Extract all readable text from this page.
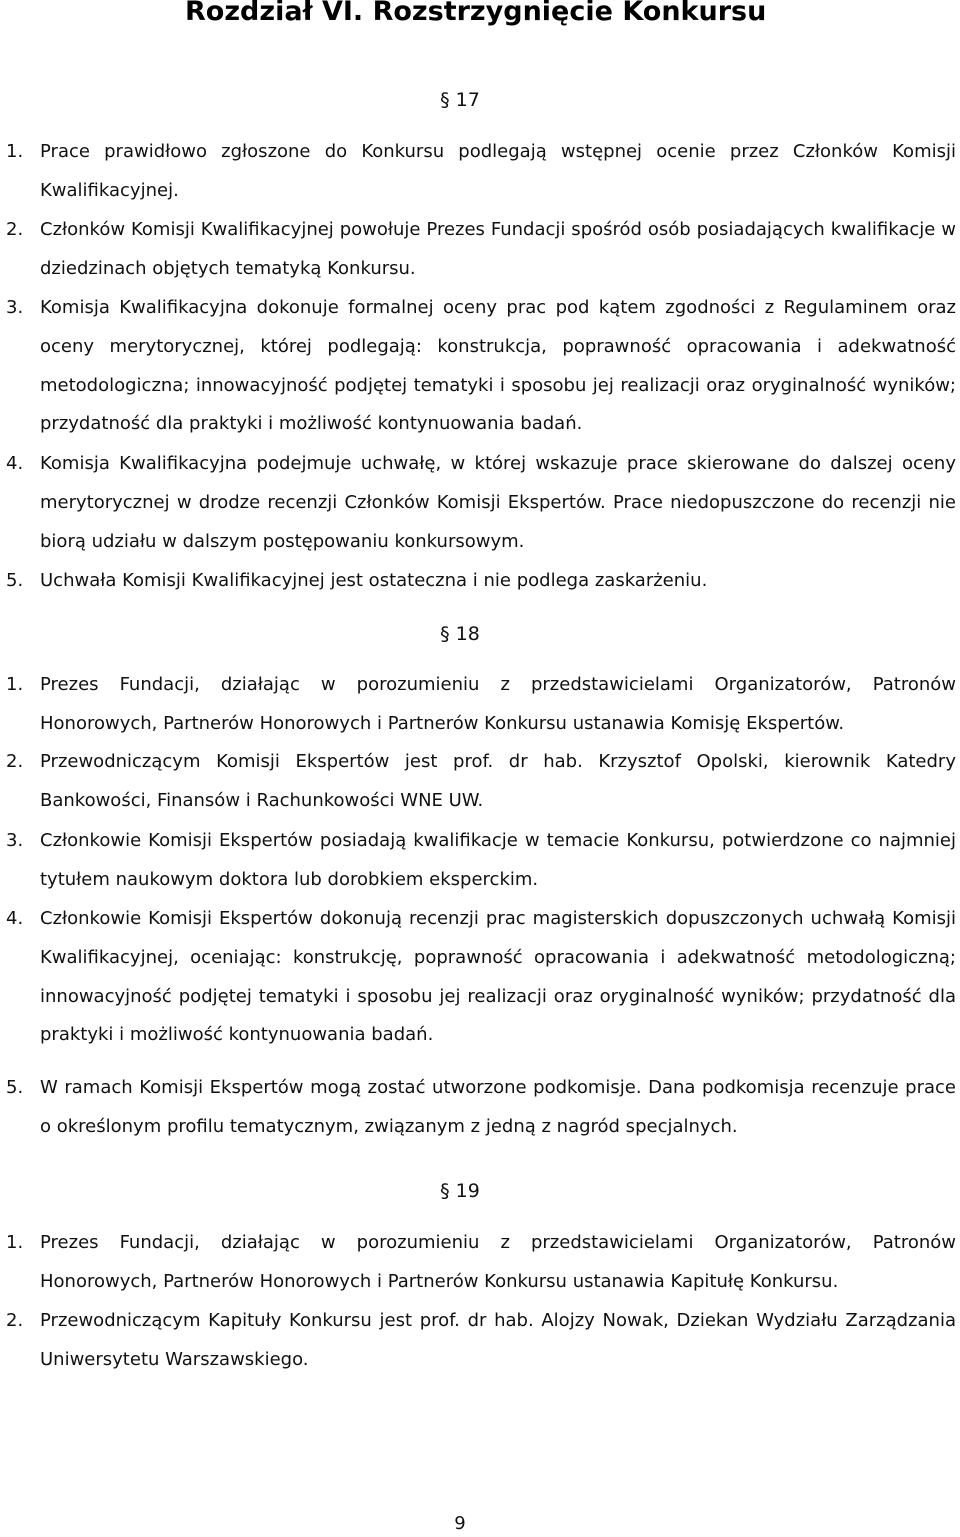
Rozdział VI. Rozstrzygnięcie Konkursu
§ 17
1. Prace prawidłowo zgłoszone do Konkursu podlegają wstępnej ocenie przez Członków Komisji Kwalifikacyjnej.
2. Członków Komisji Kwalifikacyjnej powołuje Prezes Fundacji spośród osób posiadających kwalifikacje w dziedzinach objętych tematyką Konkursu.
3. Komisja Kwalifikacyjna dokonuje formalnej oceny prac pod kątem zgodności z Regulaminem oraz oceny merytorycznej, której podlegają: konstrukcja, poprawność opracowania i adekwatność metodologiczna; innowacyjność podjętej tematyki i sposobu jej realizacji oraz oryginalność wyników; przydatność dla praktyki i możliwość kontynuowania badań.
4. Komisja Kwalifikacyjna podejmuje uchwałę, w której wskazuje prace skierowane do dalszej oceny merytorycznej w drodze recenzji Członków Komisji Ekspertów. Prace niedopuszczone do recenzji nie biorą udziału w dalszym postępowaniu konkursowym.
5. Uchwała Komisji Kwalifikacyjnej jest ostateczna i nie podlega zaskarżeniu.
§ 18
1. Prezes Fundacji, działając w porozumieniu z przedstawicielami Organizatorów, Patronów Honorowych, Partnerów Honorowych i Partnerów Konkursu ustanawia Komisję Ekspertów.
2. Przewodniczącym Komisji Ekspertów jest prof. dr hab. Krzysztof Opolski, kierownik Katedry Bankowości, Finansów i Rachunkowości WNE UW.
3. Członkowie Komisji Ekspertów posiadają kwalifikacje w temacie Konkursu, potwierdzone co najmniej tytułem naukowym doktora lub dorobkiem eksperckim.
4. Członkowie Komisji Ekspertów dokonują recenzji prac magisterskich dopuszczonych uchwałą Komisji Kwalifikacyjnej, oceniając: konstrukcję, poprawność opracowania i adekwatność metodologiczną; innowacyjność podjętej tematyki i sposobu jej realizacji oraz oryginalność wyników; przydatność dla praktyki i możliwość kontynuowania badań.
5. W ramach Komisji Ekspertów mogą zostać utworzone podkomisje. Dana podkomisja recenzuje prace o określonym profilu tematycznym, związanym z jedną z nagród specjalnych.
§ 19
1. Prezes Fundacji, działając w porozumieniu z przedstawicielami Organizatorów, Patronów Honorowych, Partnerów Honorowych i Partnerów Konkursu ustanawia Kapitułę Konkursu.
2. Przewodniczącym Kapituły Konkursu jest prof. dr hab. Alojzy Nowak, Dziekan Wydziału Zarządzania Uniwersytetu Warszawskiego.
9
